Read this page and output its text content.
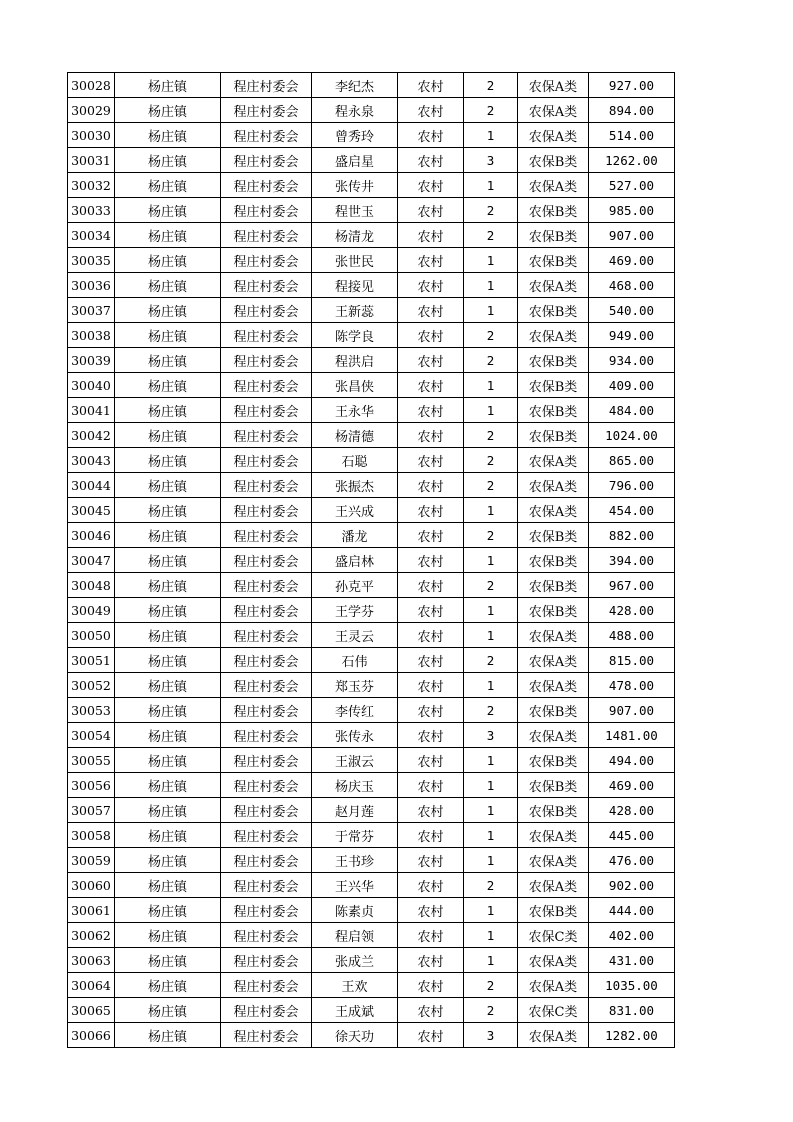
30028	杨庄镇	程庄村委会	李纪杰	农村	2	农保A类	927.00
30029	杨庄镇	程庄村委会	程永泉	农村	2	农保A类	894.00
30030	杨庄镇	程庄村委会	曾秀玲	农村	1	农保A类	514.00
30031	杨庄镇	程庄村委会	盛启星	农村	3	农保B类	1262.00
30032	杨庄镇	程庄村委会	张传井	农村	1	农保A类	527.00
30033	杨庄镇	程庄村委会	程世玉	农村	2	农保B类	985.00
30034	杨庄镇	程庄村委会	杨清龙	农村	2	农保B类	907.00
30035	杨庄镇	程庄村委会	张世民	农村	1	农保B类	469.00
30036	杨庄镇	程庄村委会	程接见	农村	1	农保A类	468.00
30037	杨庄镇	程庄村委会	王新蕊	农村	1	农保B类	540.00
30038	杨庄镇	程庄村委会	陈学良	农村	2	农保A类	949.00
30039	杨庄镇	程庄村委会	程洪启	农村	2	农保B类	934.00
30040	杨庄镇	程庄村委会	张昌侠	农村	1	农保B类	409.00
30041	杨庄镇	程庄村委会	王永华	农村	1	农保B类	484.00
30042	杨庄镇	程庄村委会	杨清德	农村	2	农保B类	1024.00
30043	杨庄镇	程庄村委会	石聪	农村	2	农保A类	865.00
30044	杨庄镇	程庄村委会	张振杰	农村	2	农保A类	796.00
30045	杨庄镇	程庄村委会	王兴成	农村	1	农保A类	454.00
30046	杨庄镇	程庄村委会	潘龙	农村	2	农保B类	882.00
30047	杨庄镇	程庄村委会	盛启林	农村	1	农保B类	394.00
30048	杨庄镇	程庄村委会	孙克平	农村	2	农保B类	967.00
30049	杨庄镇	程庄村委会	王学芬	农村	1	农保B类	428.00
30050	杨庄镇	程庄村委会	王灵云	农村	1	农保A类	488.00
30051	杨庄镇	程庄村委会	石伟	农村	2	农保A类	815.00
30052	杨庄镇	程庄村委会	郑玉芬	农村	1	农保A类	478.00
30053	杨庄镇	程庄村委会	李传红	农村	2	农保B类	907.00
30054	杨庄镇	程庄村委会	张传永	农村	3	农保A类	1481.00
30055	杨庄镇	程庄村委会	王淑云	农村	1	农保B类	494.00
30056	杨庄镇	程庄村委会	杨庆玉	农村	1	农保B类	469.00
30057	杨庄镇	程庄村委会	赵月莲	农村	1	农保B类	428.00
30058	杨庄镇	程庄村委会	于常芬	农村	1	农保A类	445.00
30059	杨庄镇	程庄村委会	王书珍	农村	1	农保A类	476.00
30060	杨庄镇	程庄村委会	王兴华	农村	2	农保A类	902.00
30061	杨庄镇	程庄村委会	陈素贞	农村	1	农保B类	444.00
30062	杨庄镇	程庄村委会	程启领	农村	1	农保C类	402.00
30063	杨庄镇	程庄村委会	张成兰	农村	1	农保A类	431.00
30064	杨庄镇	程庄村委会	王欢	农村	2	农保A类	1035.00
30065	杨庄镇	程庄村委会	王成斌	农村	2	农保C类	831.00
30066	杨庄镇	程庄村委会	徐天功	农村	3	农保A类	1282.00
